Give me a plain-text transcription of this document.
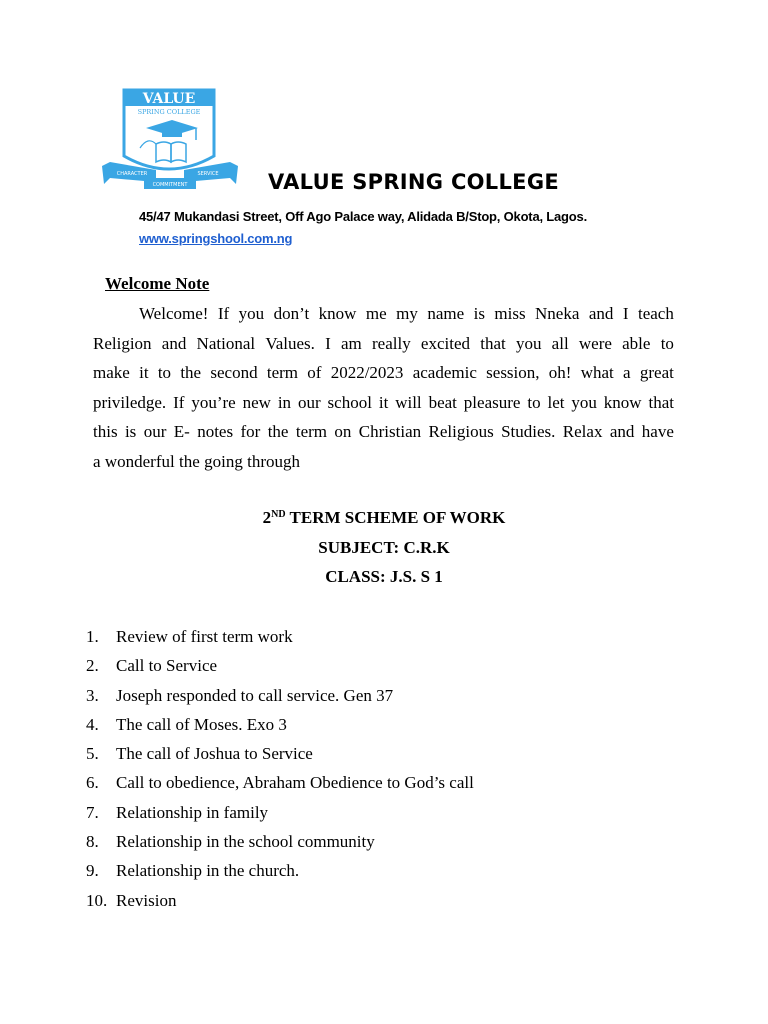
VALUE
SPRING COLLEGE
CHARACTER	SERVICE
COMMITMENT	VALUE SPRING COLLEGE
45/47 Mukandasi Street, Off Ago Palace way, Alidada B/Stop, Okota, Lagos.
www.springshool.com.ng
Welcome Note
Welcome! If you don’t know me my name is miss Nneka and I teach
Religion and National Values. I am really excited that you all were able to
make it to the second term of 2022/2023 academic session, oh! what a great
priviledge. If you’re new in our school it will beat pleasure to let you know that
this is our E- notes for the term on Christian Religious Studies. Relax and have
a wonderful the going through
2ND TERM SCHEME OF WORK
SUBJECT: C.R.K
CLASS: J.S. S 1
1.	Review of first term work
2.	Call to Service
3.	Joseph responded to call service. Gen 37
4.	The call of Moses. Exo 3
5.	The call of Joshua to Service
6.	Call to obedience, Abraham Obedience to God’s call
7.	Relationship in family
8.	Relationship in the school community
9.	Relationship in the church.
10. Revision
